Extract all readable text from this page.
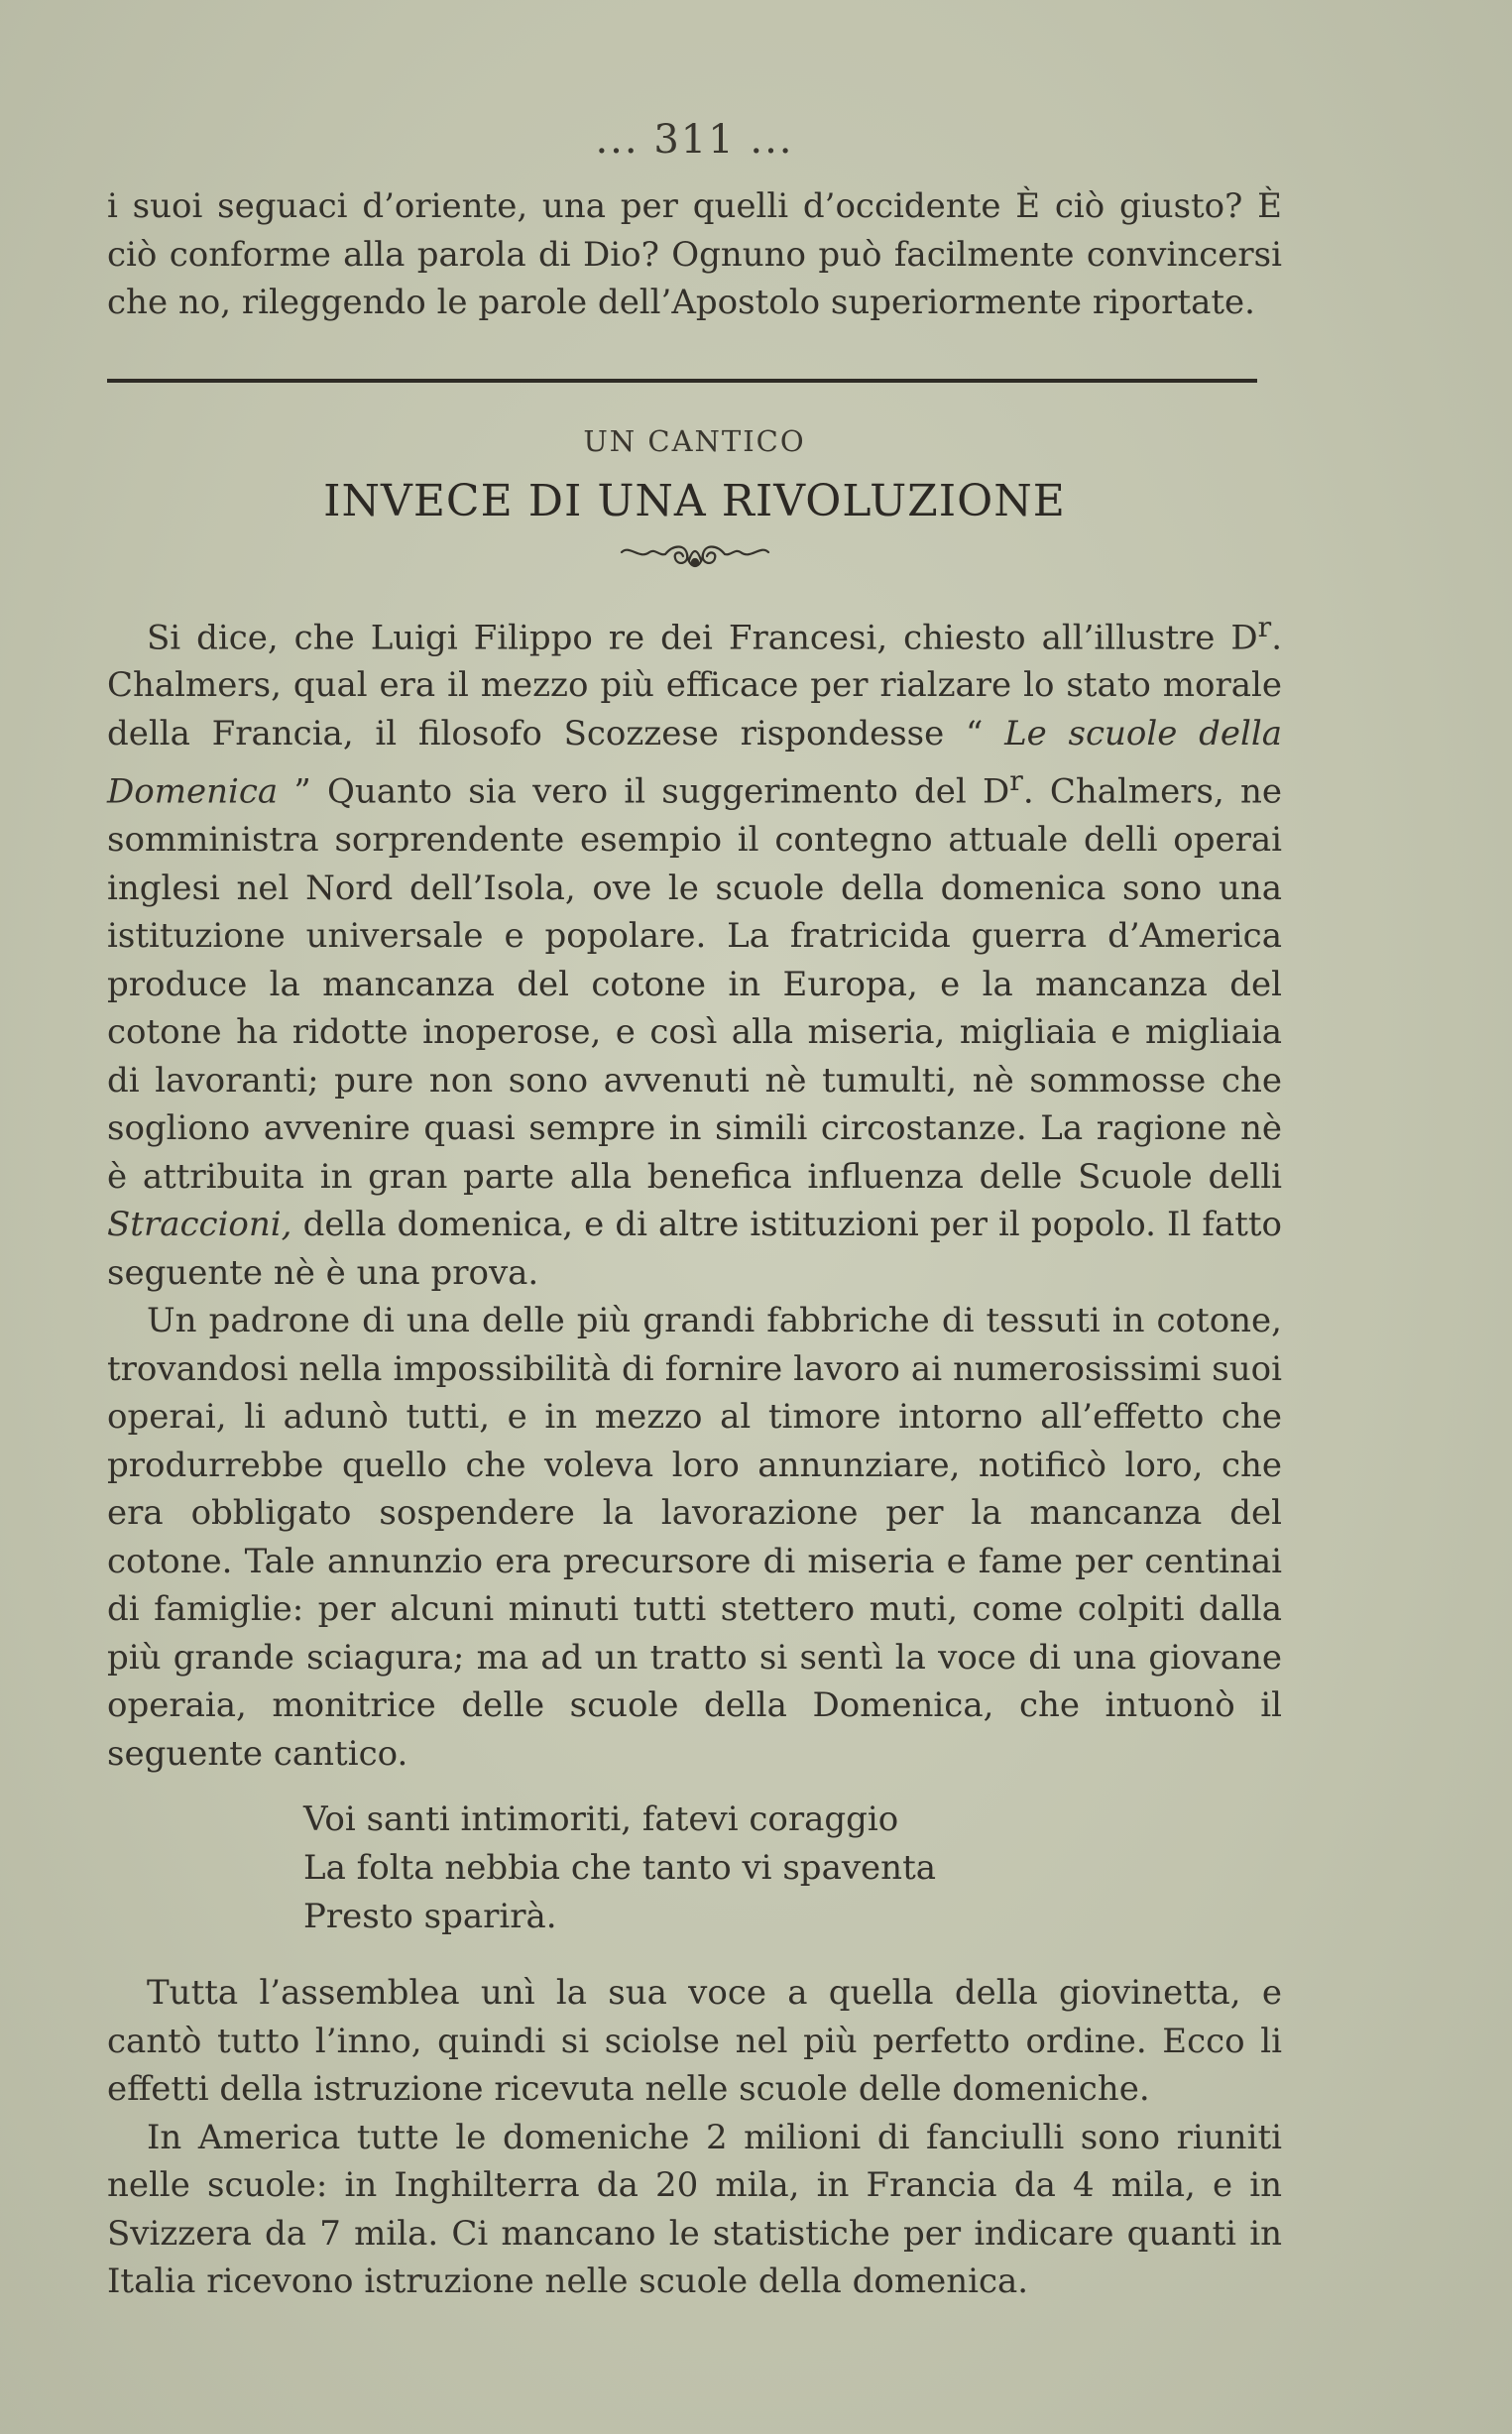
... 311 ...

i suoi seguaci d’oriente, una per quelli d’occidente È ciò giusto? È ciò conforme alla parola di Dio? Ognuno può facilmente convincersi che no, rileggendo le parole dell’Apostolo superiormente riportate.

UN CANTICO
INVECE DI UNA RIVOLUZIONE

Si dice, che Luigi Filippo re dei Francesi, chiesto all’illustre $D^r$. Chalmers, qual era il mezzo più efficace per rialzare lo stato morale della Francia, il filosofo Scozzese rispondesse “ Le scuole della Domenica ” Quanto sia vero il suggerimento del $D^r$. Chalmers, ne somministra sorprendente esempio il contegno attuale delli operai inglesi nel Nord dell’Isola, ove le scuole della domenica sono una istituzione universale e popolare. La fratricida guerra d’America produce la mancanza del cotone in Europa, e la mancanza del cotone ha ridotte inoperose, e così alla miseria, migliaia e migliaia di lavoranti; pure non sono avvenuti nè tumulti, nè sommosse che sogliono avvenire quasi sempre in simili circostanze. La ragione nè è attribuita in gran parte alla benefica influenza delle Scuole delli Straccioni, della domenica, e di altre istituzioni per il popolo. Il fatto seguente nè è una prova.

Un padrone di una delle più grandi fabbriche di tessuti in cotone, trovandosi nella impossibilità di fornire lavoro ai numerosissimi suoi operai, li adunò tutti, e in mezzo al timore intorno all’effetto che produrrebbe quello che voleva loro annunziare, notificò loro, che era obbligato sospendere la lavorazione per la mancanza del cotone. Tale annunzio era precursore di miseria e fame per centinai di famiglie: per alcuni minuti tutti stettero muti, come colpiti dalla più grande sciagura; ma ad un tratto si sentì la voce di una giovane operaia, monitrice delle scuole della Domenica, che intuonò il seguente cantico.

Voi santi intimoriti, fatevi coraggio
La folta nebbia che tanto vi spaventa
Presto sparirà.

Tutta l’assemblea unì la sua voce a quella della giovinetta, e cantò tutto l’inno, quindi si sciolse nel più perfetto ordine. Ecco li effetti della istruzione ricevuta nelle scuole delle domeniche.

In America tutte le domeniche 2 milioni di fanciulli sono riuniti nelle scuole: in Inghilterra da 20 mila, in Francia da 4 mila, e in Svizzera da 7 mila. Ci mancano le statistiche per indicare quanti in Italia ricevono istruzione nelle scuole della domenica.
